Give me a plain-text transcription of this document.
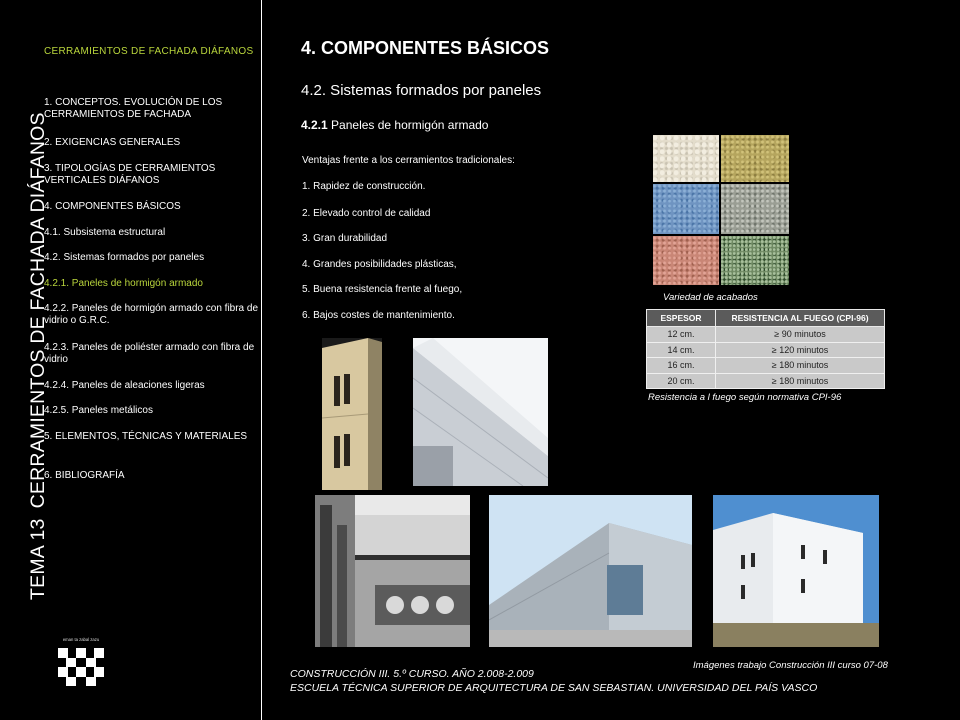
TEMA 13CERRAMIENTOS DE FACHADA DIÁFANOS
CERRAMIENTOS DE FACHADA DIÁFANOS
1. CONCEPTOS. EVOLUCIÓN DE LOS CERRAMIENTOS DE FACHADA
2. EXIGENCIAS GENERALES
3. TIPOLOGÍAS DE CERRAMIENTOS VERTICALES DIÁFANOS
4. COMPONENTES BÁSICOS
4.1. Subsistema estructural
4.2. Sistemas formados por paneles
4.2.1. Paneles de hormigón armado
4.2.2. Paneles de hormigón armado con fibra de vidrio o G.R.C.
4.2.3. Paneles de poliéster armado con fibra de vidrio
4.2.4. Paneles de aleaciones ligeras
4.2.5. Paneles metálicos
5. ELEMENTOS, TÉCNICAS Y MATERIALES
6. BIBLIOGRAFÍA
eman ta zabal zazu
4. COMPONENTES BÁSICOS
4.2. Sistemas formados por paneles
4.2.1 Paneles de hormigón armado
Ventajas frente a los cerramientos tradicionales:
1. Rapidez de construcción.
2. Elevado control de calidad
3. Gran durabilidad
4. Grandes posibilidades plásticas,
5. Buena resistencia frente al fuego,
6. Bajos costes de mantenimiento.
Variedad de acabados
ESPESOR	RESISTENCIA AL FUEGO (CPI-96)
12 cm.	≥ 90 minutos
14 cm.	≥ 120 minutos
16 cm.	≥ 180 minutos
20 cm.	≥ 180 minutos
Resistencia a l fuego según normativa CPI-96
Imágenes trabajo Construcción III curso 07-08
CONSTRUCCIÓN III. 5.º CURSO. AÑO 2.008-2.009
ESCUELA TÉCNICA SUPERIOR DE ARQUITECTURA DE SAN SEBASTIAN. UNIVERSIDAD DEL PAÍS VASCO
